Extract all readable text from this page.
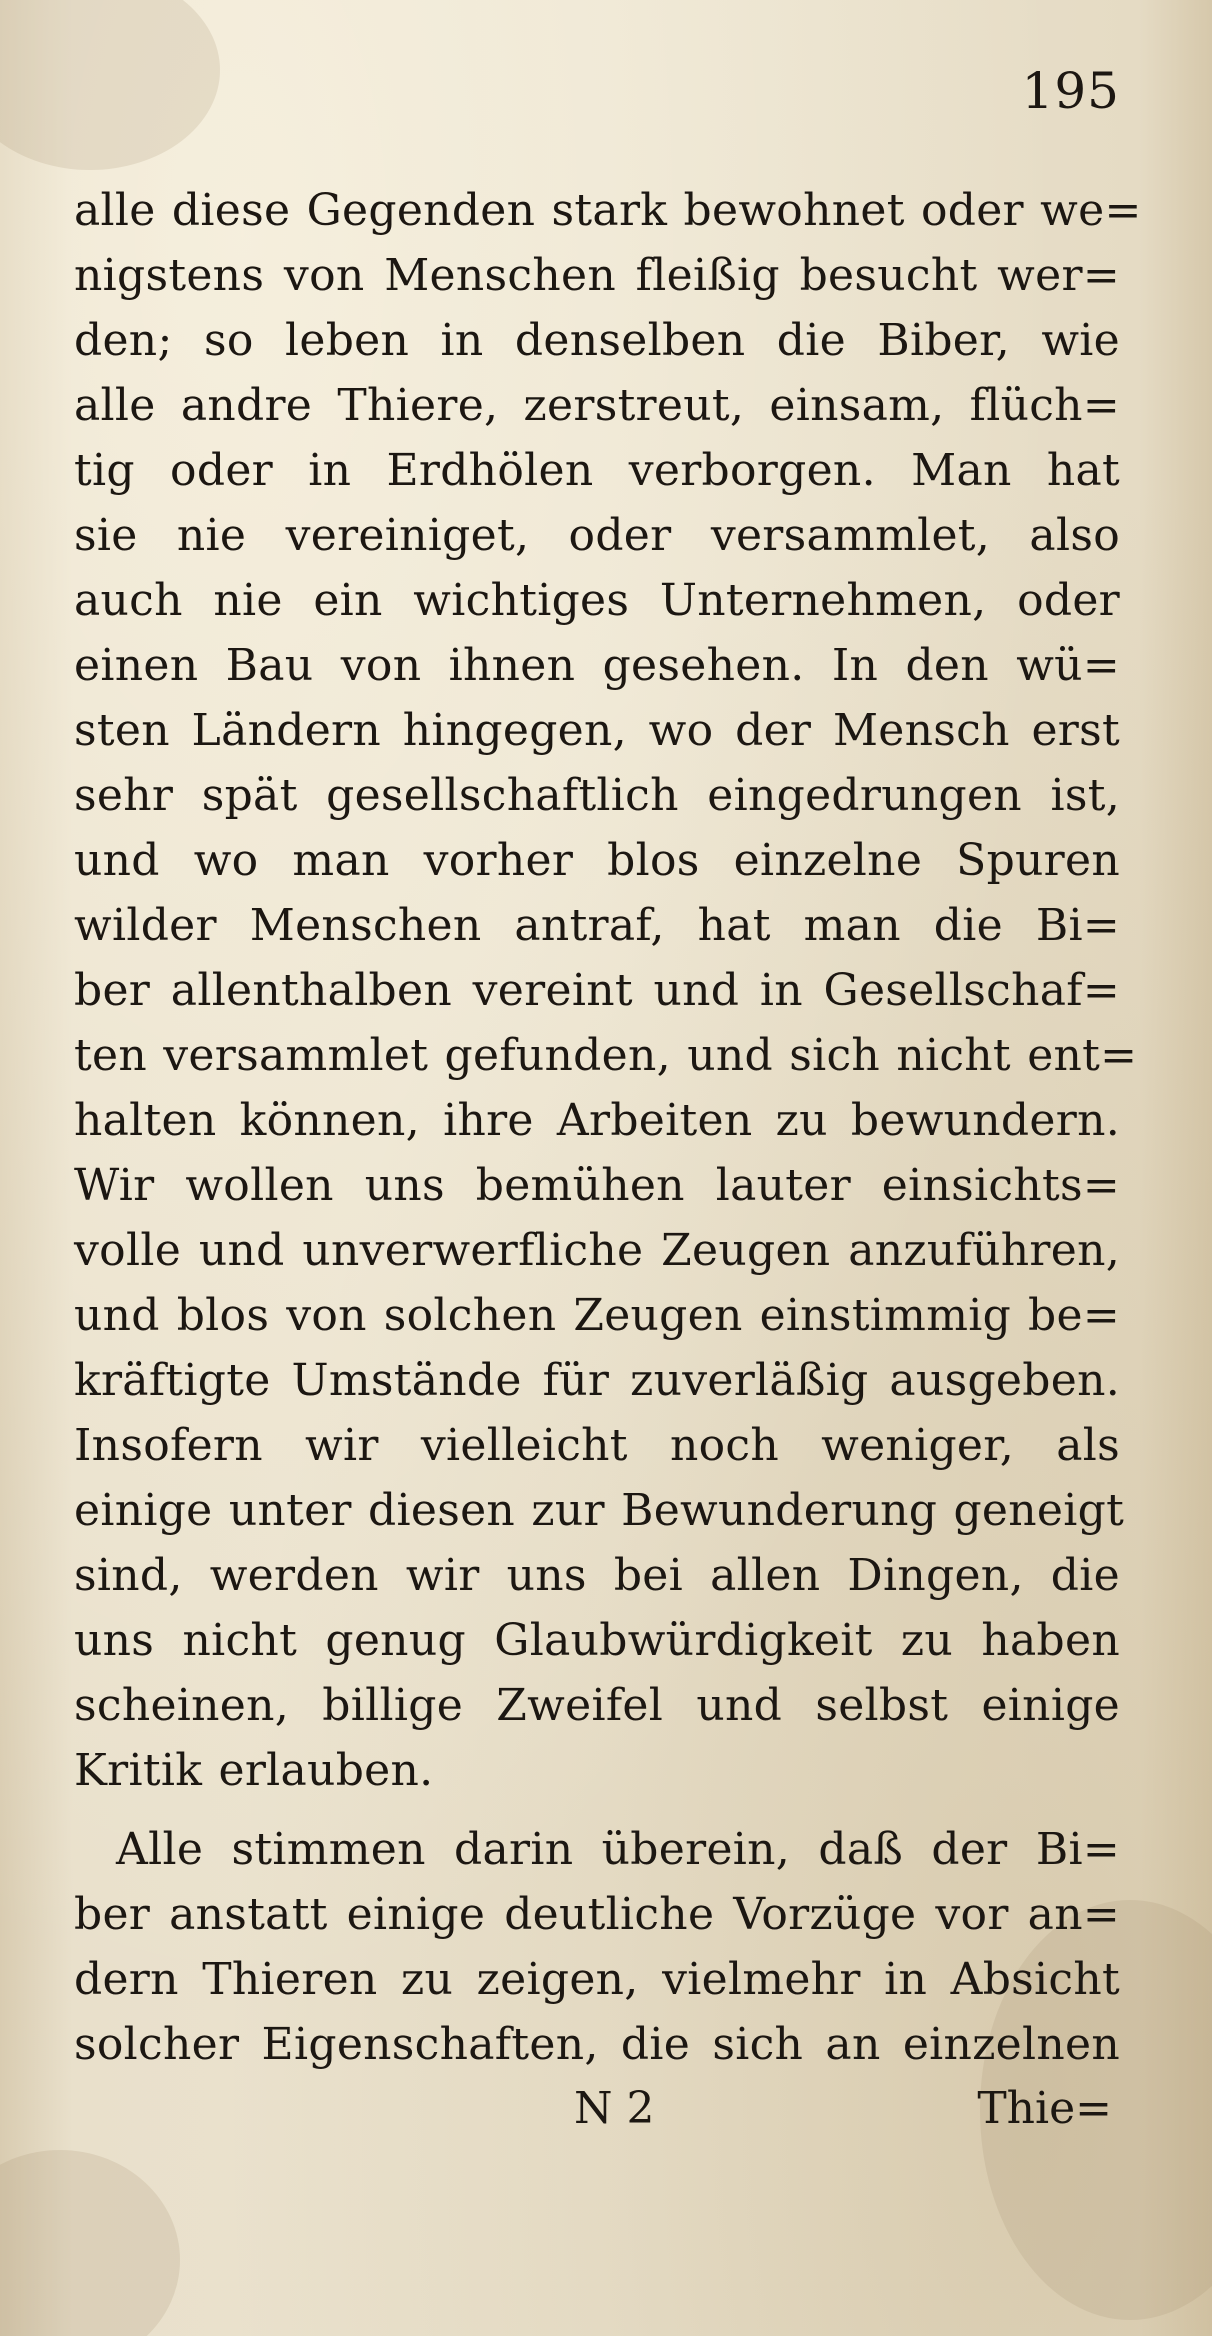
195
alle diese Gegenden stark bewohnet oder we=
nigstens von Menschen fleißig besucht wer=
den; so leben in denselben die Biber, wie
alle andre Thiere, zerstreut, einsam, flüch=
tig oder in Erdhölen verborgen. Man hat
sie nie vereiniget, oder versammlet, also
auch nie ein wichtiges Unternehmen, oder
einen Bau von ihnen gesehen. In den wü=
sten Ländern hingegen, wo der Mensch erst
sehr spät gesellschaftlich eingedrungen ist,
und wo man vorher blos einzelne Spuren
wilder Menschen antraf, hat man die Bi=
ber allenthalben vereint und in Gesellschaf=
ten versammlet gefunden, und sich nicht ent=
halten können, ihre Arbeiten zu bewundern.
Wir wollen uns bemühen lauter einsichts=
volle und unverwerfliche Zeugen anzuführen,
und blos von solchen Zeugen einstimmig be=
kräftigte Umstände für zuverläßig ausgeben.
Insofern wir vielleicht noch weniger, als
einige unter diesen zur Bewunderung geneigt
sind, werden wir uns bei allen Dingen, die
uns nicht genug Glaubwürdigkeit zu haben
scheinen, billige Zweifel und selbst einige
Kritik erlauben.
Alle stimmen darin überein, daß der Bi=
ber anstatt einige deutliche Vorzüge vor an=
dern Thieren zu zeigen, vielmehr in Absicht
solcher Eigenschaften, die sich an einzelnen
N 2	Thie=
